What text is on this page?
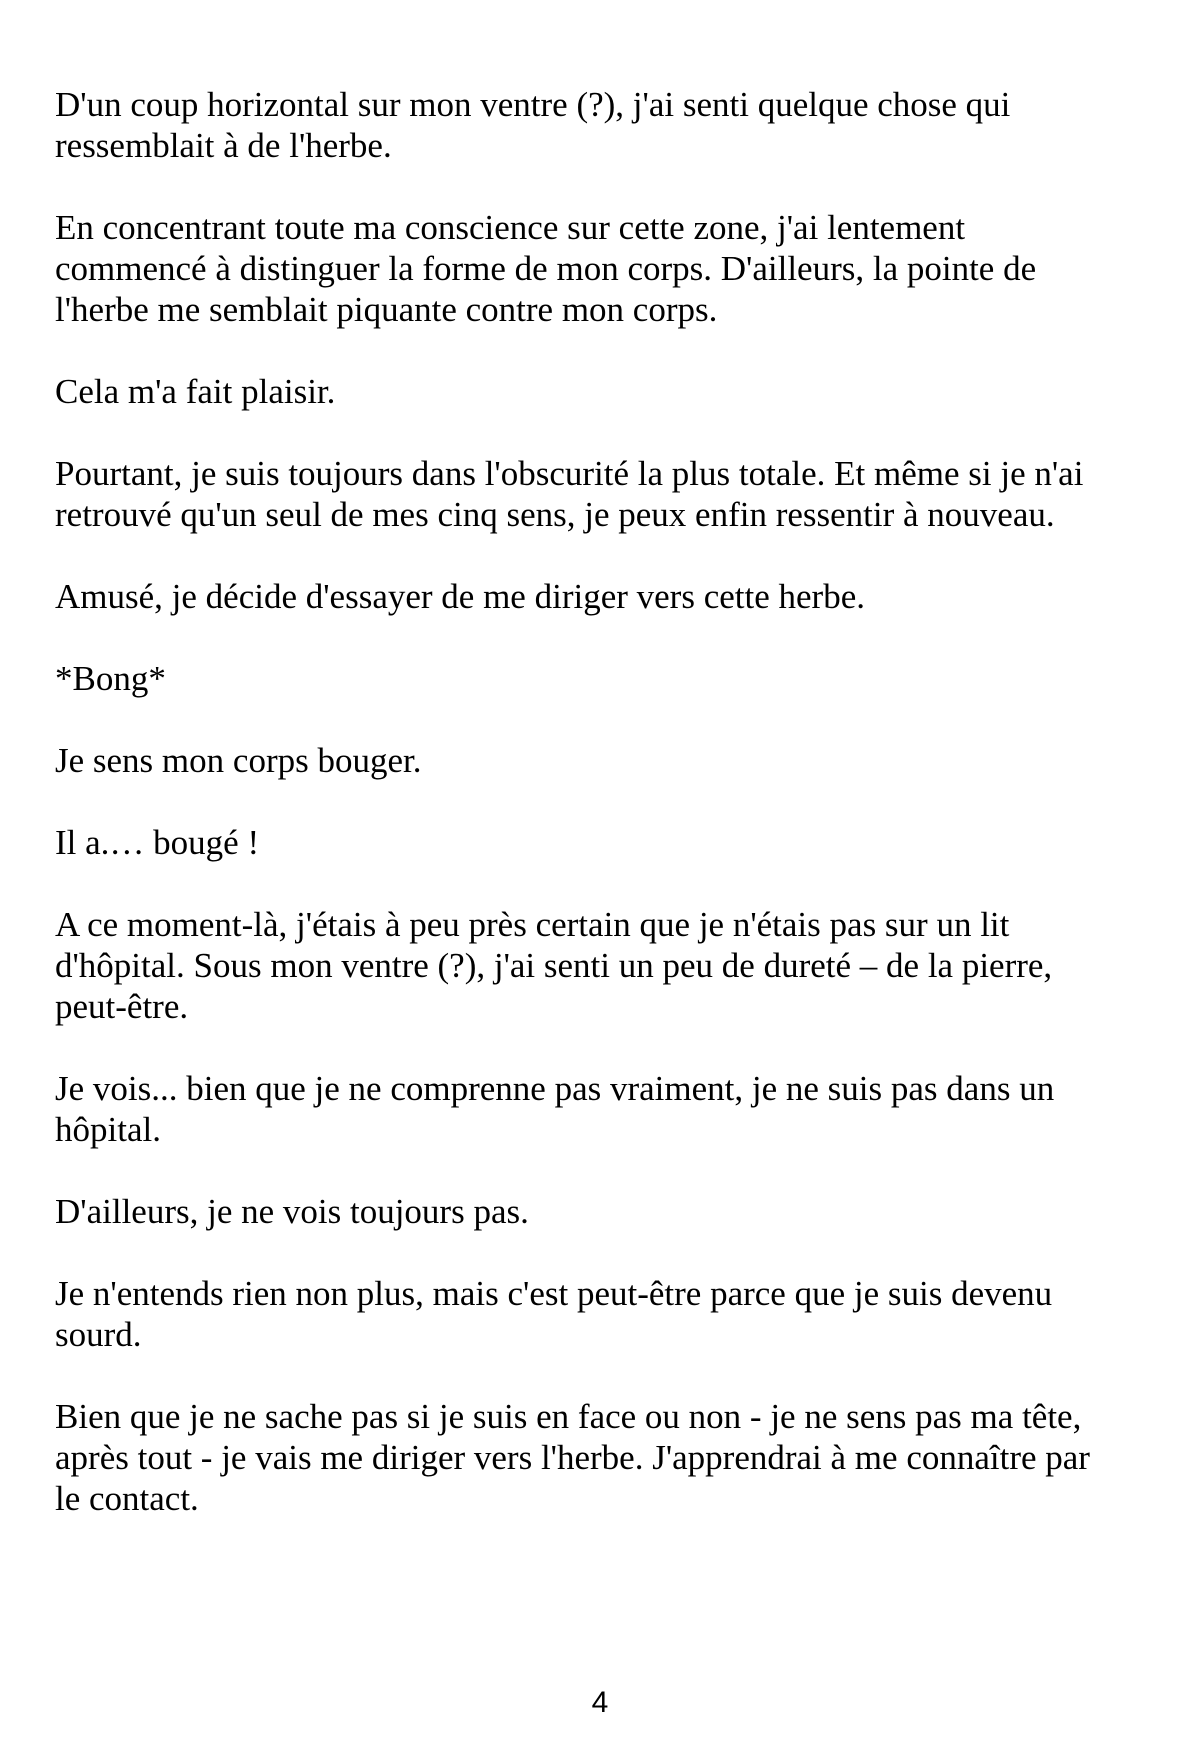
D'un coup horizontal sur mon ventre (?), j'ai senti quelque chose qui
ressemblait à de l'herbe.

En concentrant toute ma conscience sur cette zone, j'ai lentement
commencé à distinguer la forme de mon corps. D'ailleurs, la pointe de
l'herbe me semblait piquante contre mon corps.

Cela m'a fait plaisir.

Pourtant, je suis toujours dans l'obscurité la plus totale. Et même si je n'ai
retrouvé qu'un seul de mes cinq sens, je peux enfin ressentir à nouveau.

Amusé, je décide d'essayer de me diriger vers cette herbe.

*Bong*

Je sens mon corps bouger.

Il a.… bougé !

A ce moment-là, j'étais à peu près certain que je n'étais pas sur un lit
d'hôpital. Sous mon ventre (?), j'ai senti un peu de dureté – de la pierre,
peut-être.

Je vois... bien que je ne comprenne pas vraiment, je ne suis pas dans un
hôpital.

D'ailleurs, je ne vois toujours pas.

Je n'entends rien non plus, mais c'est peut-être parce que je suis devenu
sourd.

Bien que je ne sache pas si je suis en face ou non - je ne sens pas ma tête,
après tout - je vais me diriger vers l'herbe. J'apprendrai à me connaître par
le contact.

4
